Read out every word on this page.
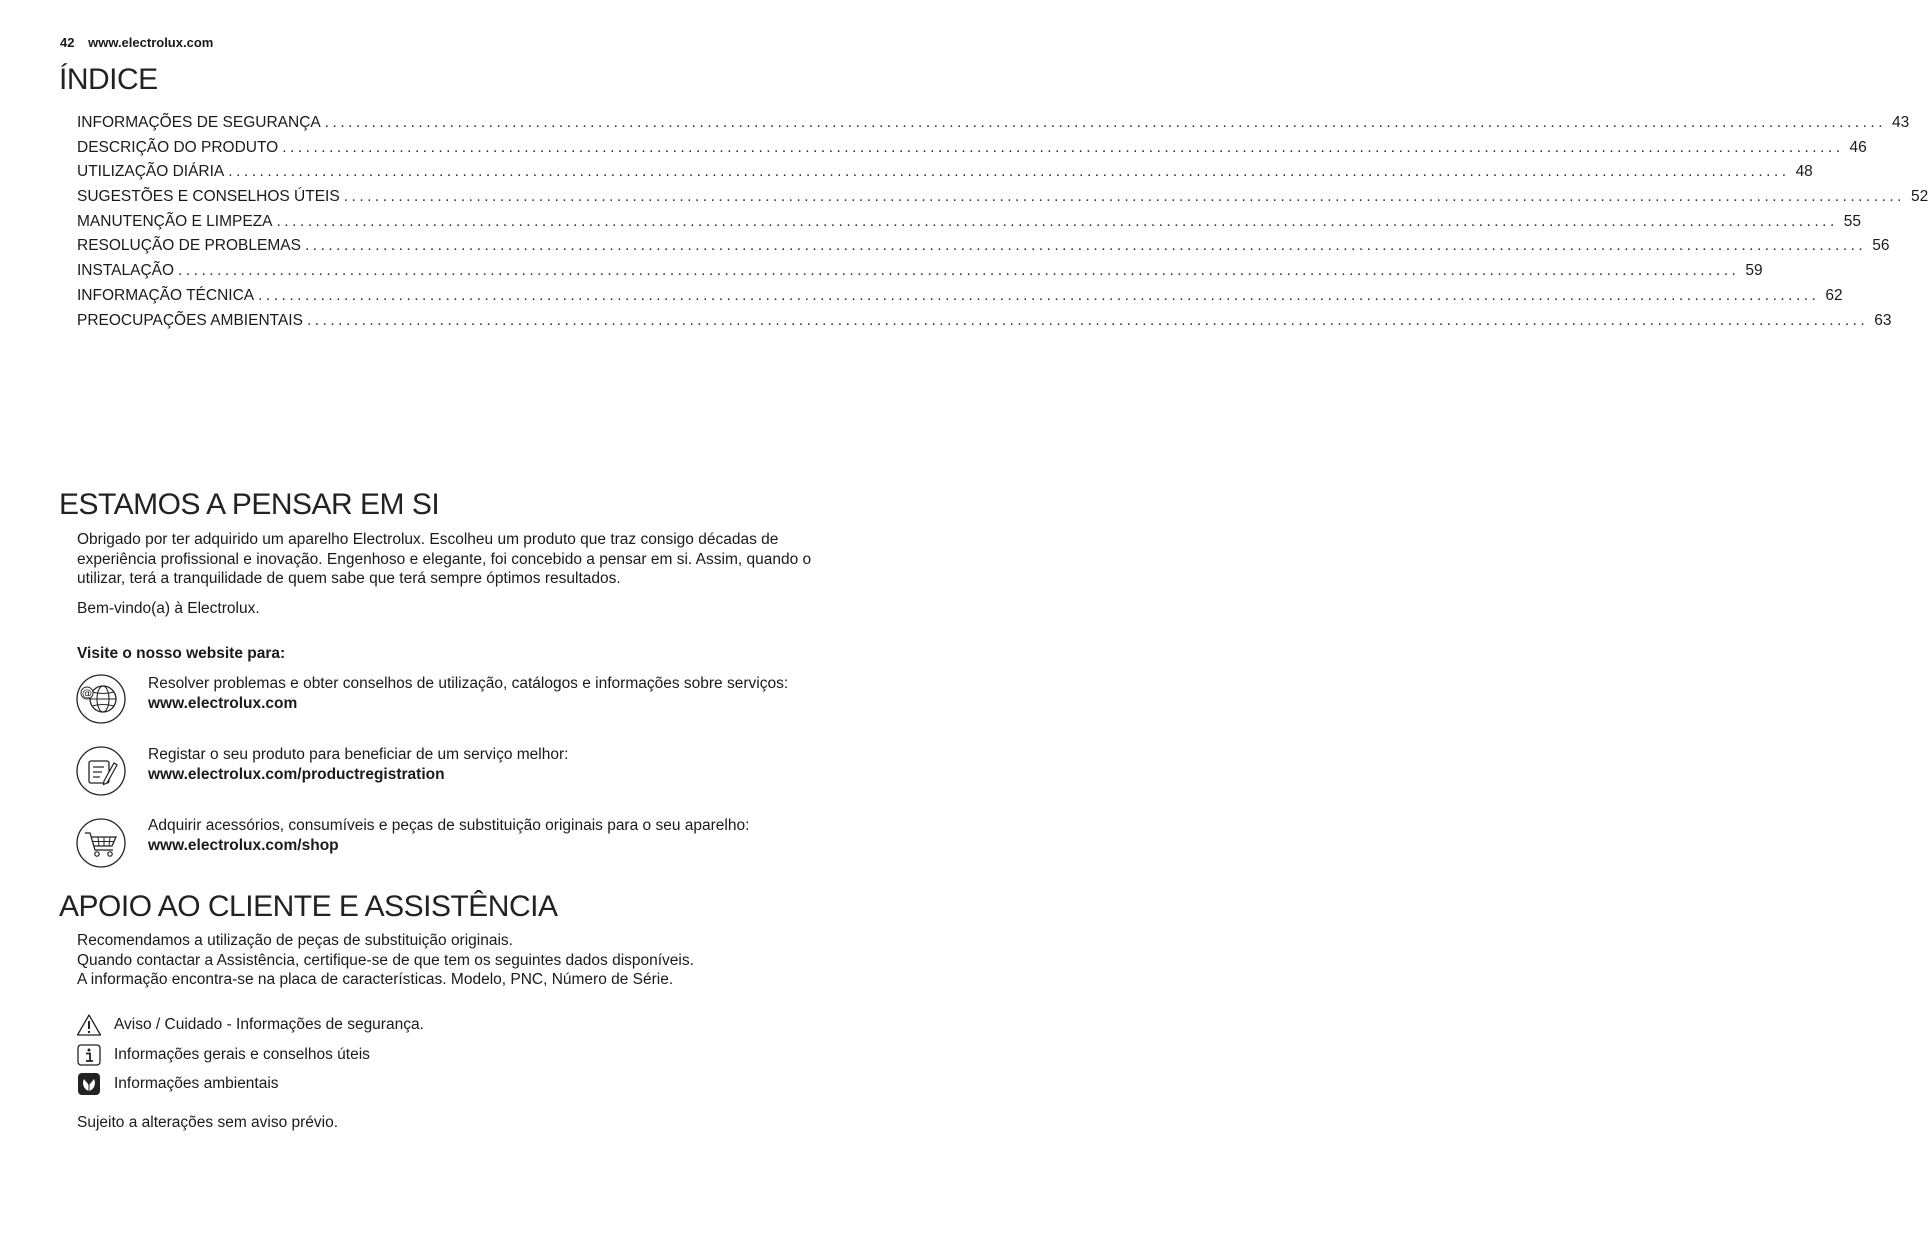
42 www.electrolux.com
ÍNDICE
INFORMAÇÕES DE SEGURANÇA ........................................................................................................................................................................................................ 43
DESCRIÇÃO DO PRODUTO ........................................................................................................................................................................................................ 46
UTILIZAÇÃO DIÁRIA ........................................................................................................................................................................................................ 48
SUGESTÕES E CONSELHOS ÚTEIS ........................................................................................................................................................................................................ 52
MANUTENÇÃO E LIMPEZA ........................................................................................................................................................................................................ 55
RESOLUÇÃO DE PROBLEMAS ........................................................................................................................................................................................................ 56
INSTALAÇÃO ........................................................................................................................................................................................................ 59
INFORMAÇÃO TÉCNICA ........................................................................................................................................................................................................ 62
PREOCUPAÇÕES AMBIENTAIS ........................................................................................................................................................................................................ 63
ESTAMOS A PENSAR EM SI

Obrigado por ter adquirido um aparelho Electrolux. Escolheu um produto que traz consigo décadas de experiência profissional e inovação. Engenhoso e elegante, foi concebido a pensar em si. Assim, quando o utilizar, terá a tranquilidade de quem sabe que terá sempre óptimos resultados.

Bem-vindo(a) à Electrolux.

Visite o nosso website para:

@
Resolver problemas e obter conselhos de utilização, catálogos e informações sobre serviços:
www.electrolux.com
Registar o seu produto para beneficiar de um serviço melhor:
www.electrolux.com/productregistration
Adquirir acessórios, consumíveis e peças de substituição originais para o seu aparelho:
www.electrolux.com/shop
APOIO AO CLIENTE E ASSISTÊNCIA
Recomendamos a utilização de peças de substituição originais.
Quando contactar a Assistência, certifique-se de que tem os seguintes dados disponíveis.
A informação encontra-se na placa de características. Modelo, PNC, Número de Série.
Aviso / Cuidado - Informações de segurança.
Informações gerais e conselhos úteis
Informações ambientais

Sujeito a alterações sem aviso prévio.
